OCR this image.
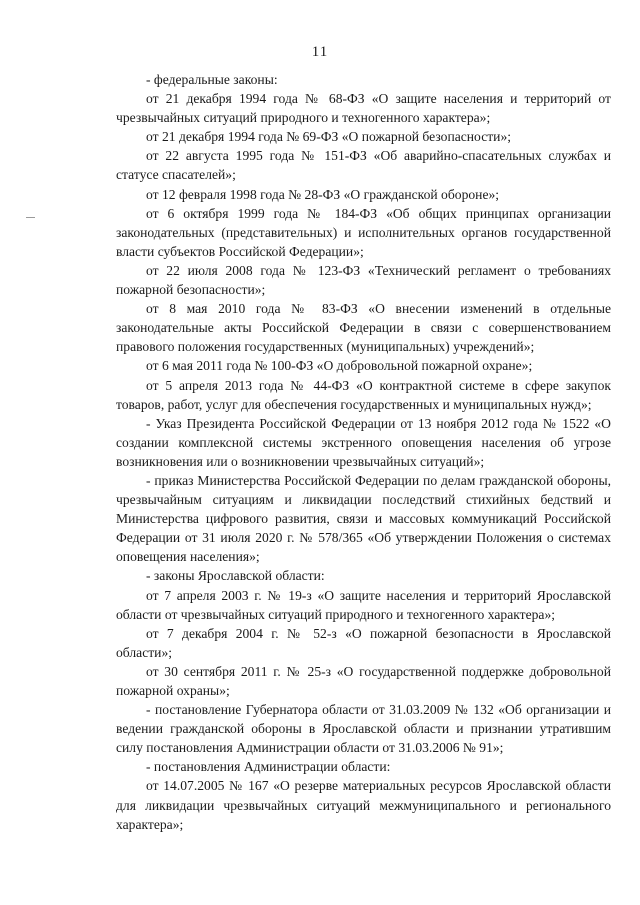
11

- федеральные законы:

от 21 декабря 1994 года № 68-ФЗ «О защите населения и территорий от чрезвычайных ситуаций природного и техногенного характера»;

от 21 декабря 1994 года № 69-ФЗ «О пожарной безопасности»;

от 22 августа 1995 года № 151-ФЗ «Об аварийно-спасательных службах и статусе спасателей»;

от 12 февраля 1998 года № 28-ФЗ «О гражданской обороне»;

от 6 октября 1999 года № 184-ФЗ «Об общих принципах организации законодательных (представительных) и исполнительных органов государственной власти субъектов Российской Федерации»;

от 22 июля 2008 года № 123-ФЗ «Технический регламент о требованиях пожарной безопасности»;

от 8 мая 2010 года № 83-ФЗ «О внесении изменений в отдельные законодательные акты Российской Федерации в связи с совершенствованием правового положения государственных (муниципальных) учреждений»;

от 6 мая 2011 года № 100-ФЗ «О добровольной пожарной охране»;

от 5 апреля 2013 года № 44-ФЗ «О контрактной системе в сфере закупок товаров, работ, услуг для обеспечения государственных и муниципальных нужд»;

- Указ Президента Российской Федерации от 13 ноября 2012 года № 1522 «О создании комплексной системы экстренного оповещения населения об угрозе возникновения или о возникновении чрезвычайных ситуаций»;

- приказ Министерства Российской Федерации по делам гражданской обороны, чрезвычайным ситуациям и ликвидации последствий стихийных бедствий и Министерства цифрового развития, связи и массовых коммуникаций Российской Федерации от 31 июля 2020 г. № 578/365 «Об утверждении Положения о системах оповещения населения»;

- законы Ярославской области:

от 7 апреля 2003 г. № 19-з «О защите населения и территорий Ярославской области от чрезвычайных ситуаций природного и техногенного характера»;

от 7 декабря 2004 г. № 52-з «О пожарной безопасности в Ярославской области»;

от 30 сентября 2011 г. № 25-з «О государственной поддержке добровольной пожарной охраны»;

- постановление Губернатора области от 31.03.2009 № 132 «Об организации и ведении гражданской обороны в Ярославской области и признании утратившим силу постановления Администрации области от 31.03.2006 № 91»;

- постановления Администрации области:

от 14.07.2005 № 167 «О резерве материальных ресурсов Ярославской области для ликвидации чрезвычайных ситуаций межмуниципального и регионального характера»;
